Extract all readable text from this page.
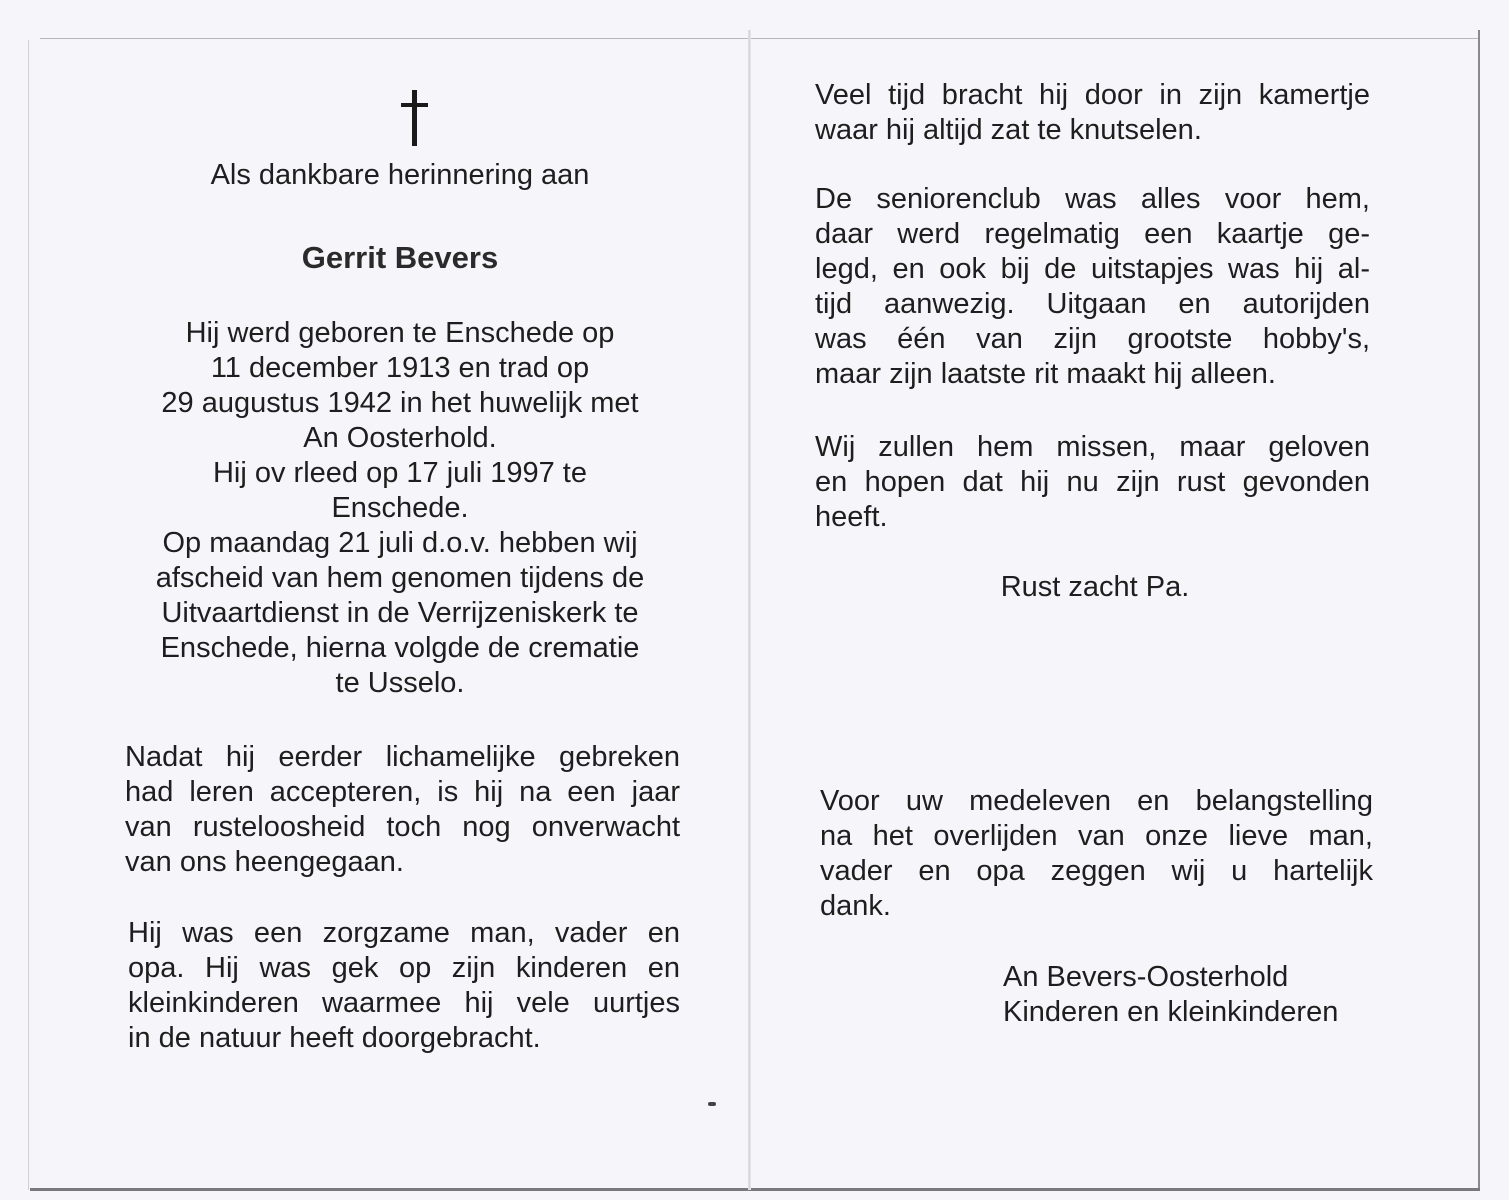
Als dankbare herinnering aan
Gerrit Bevers
Hij werd geboren te Enschede op
11 december 1913 en trad op
29 augustus 1942 in het huwelijk met
An Oosterhold.
Hij ov rleed op 17 juli 1997 te
Enschede.
Op maandag 21 juli d.o.v. hebben wij
afscheid van hem genomen tijdens de
Uitvaartdienst in de Verrijzeniskerk te
Enschede, hierna volgde de crematie
te Usselo.
Nadat hij eerder lichamelijke gebreken
had leren accepteren, is hij na een jaar
van rusteloosheid toch nog onverwacht
van ons heengegaan.
Hij was een zorgzame man, vader en
opa. Hij was gek op zijn kinderen en
kleinkinderen waarmee hij vele uurtjes
in de natuur heeft doorgebracht.
Veel tijd bracht hij door in zijn kamertje
waar hij altijd zat te knutselen.
De seniorenclub was alles voor hem,
daar werd regelmatig een kaartje ge-
legd, en ook bij de uitstapjes was hij al-
tijd aanwezig. Uitgaan en autorijden
was één van zijn grootste hobby's,
maar zijn laatste rit maakt hij alleen.
Wij zullen hem missen, maar geloven
en hopen dat hij nu zijn rust gevonden
heeft.
Rust zacht Pa.
Voor uw medeleven en belangstelling
na het overlijden van onze lieve man,
vader en opa zeggen wij u hartelijk
dank.
An Bevers-Oosterhold
Kinderen en kleinkinderen
